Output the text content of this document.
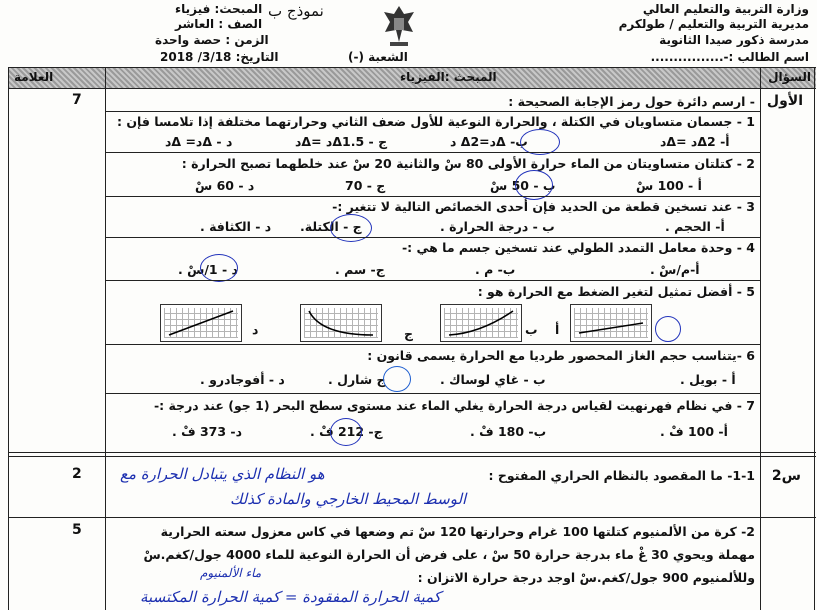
وزارة التربية والتعليم العالي
مديرية التربية والتعليم / طولكرم
مدرسة ذكور صيدا الثانوية
اسم الطالب :-................
المبحث: فيزياء
الصف : العاشر
الزمن : حصة واحدة
التاريخ: 3/18/ 2018	الشعبة (-)
نموذج ب
السؤال
المبحث :الفيزياء
العلامة
الأول
7	- ارسم دائرة حول رمز الإجابة الصحيحة :
1 - جسمان متساويان في الكتلة ، والحرارة النوعية للأول ضعف الثاني وحرارتهما مختلفة إذا تلامسا فإن :
أ- Δ2د =Δد
ب- Δد=Δ2 د
ج - Δ1.5د =Δد
د - Δد= Δد
2 - كتلتان متساويتان من الماء حرارة الأولى 80 سْ والثانية 20 سْ عند خلطهما تصبح الحرارة :
أ - 100 سْ
ب - 50 سْ
ج - 70
د - 60 سْ
3 - عند تسخين قطعة من الحديد فإن أحدى الخصائص التالية لا تتغير :-
أ- الحجم .
ب - درجة الحرارة .
ج - الكتلة.
د - الكثافة .
4 - وحدة معامل التمدد الطولي عند تسخين جسم ما هي :-
أ-م/سْ .
ب- م .
ج- سم .
د - 1/سْ .
5 - أفضل تمثيل لتغير الضغط مع الحرارة هو :
أ
ب
ج
د
6 -يتناسب حجم الغاز المحصور طرديا مع الحرارة يسمى قانون :
أ - بويل .
ب - غاي لوساك .
ج شارل .
د - أفوجادرو .
7 - في نظام فهرنهيت لقياس درجة الحرارة يغلي الماء عند مستوى سطح البحر (1 جو) عند درجة :-
أ- 100 فْ .
ب- 180 فْ .
ج- 212 فْ .
د- 373 فْ .
س2
2	1-1- ما المقصود بالنظام الحراري المفتوح :
هو النظام الذي يتبادل الحرارة مع
الوسط المحيط الخارجي والمادة كذلك
5	2- كرة من الألمنيوم كتلتها 100 غرام وحرارتها 120 سْ تم وضعها في كاس معزول سعته الحرارية
مهملة ويحوي 30 غْ ماء بدرجة حرارة 50 سْ ، على فرض أن الحرارة النوعية للماء 4000 جول/كغم.سْ
وللألمنيوم 900 جول/كغم.سْ اوجد درجة حرارة الاتزان :
ماء الألمنيوم
كمية الحرارة المفقودة = كمية الحرارة المكتسبة
